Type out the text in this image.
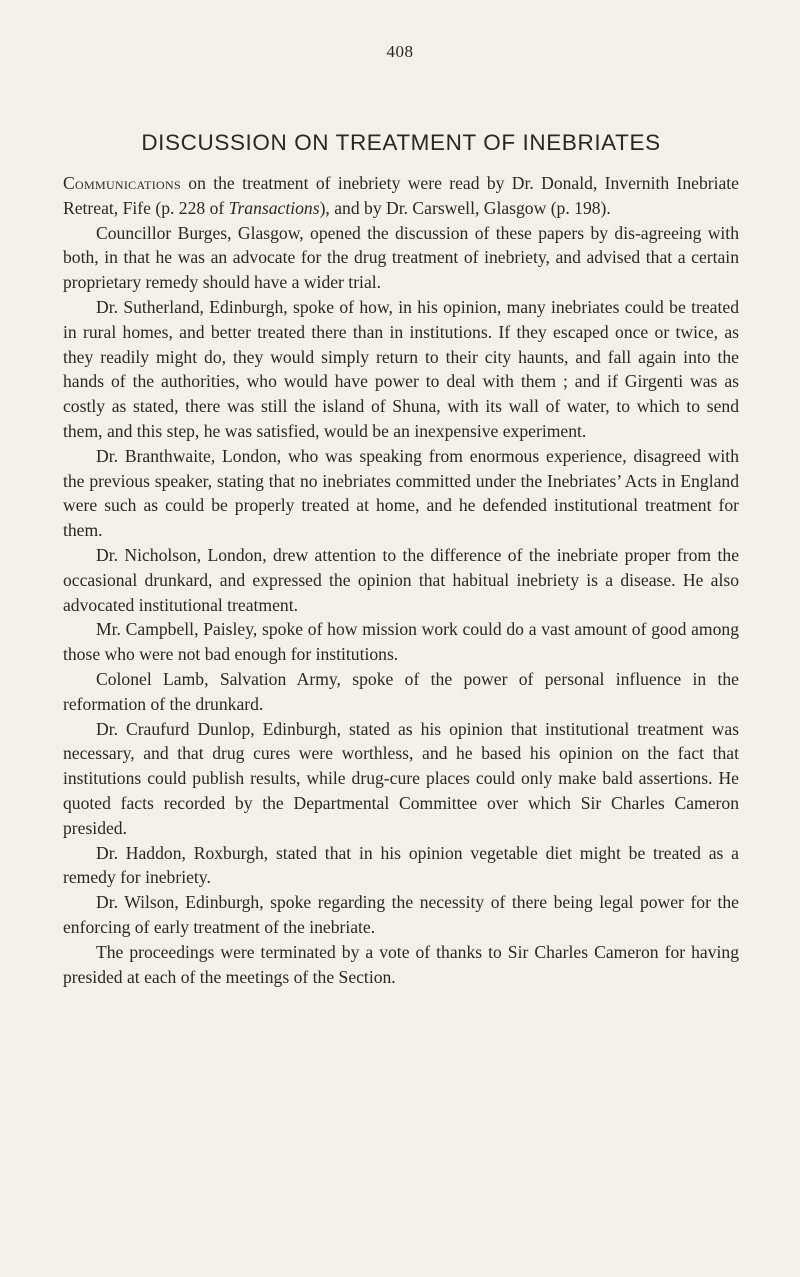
408
DISCUSSION ON TREATMENT OF INEBRIATES

Communications on the treatment of inebriety were read by Dr. Donald, Invernith Inebriate Retreat, Fife (p. 228 of Transactions), and by Dr. Carswell, Glasgow (p. 198).

Councillor Burges, Glasgow, opened the discussion of these papers by dis-agreeing with both, in that he was an advocate for the drug treatment of inebriety, and advised that a certain proprietary remedy should have a wider trial.

Dr. Sutherland, Edinburgh, spoke of how, in his opinion, many inebriates could be treated in rural homes, and better treated there than in institutions. If they escaped once or twice, as they readily might do, they would simply return to their city haunts, and fall again into the hands of the authorities, who would have power to deal with them ; and if Girgenti was as costly as stated, there was still the island of Shuna, with its wall of water, to which to send them, and this step, he was satisfied, would be an inexpensive experiment.

Dr. Branthwaite, London, who was speaking from enormous experience, disagreed with the previous speaker, stating that no inebriates committed under the Inebriates’ Acts in England were such as could be properly treated at home, and he defended institutional treatment for them.

Dr. Nicholson, London, drew attention to the difference of the inebriate proper from the occasional drunkard, and expressed the opinion that habitual inebriety is a disease. He also advocated institutional treatment.

Mr. Campbell, Paisley, spoke of how mission work could do a vast amount of good among those who were not bad enough for institutions.

Colonel Lamb, Salvation Army, spoke of the power of personal influence in the reformation of the drunkard.

Dr. Craufurd Dunlop, Edinburgh, stated as his opinion that institutional treatment was necessary, and that drug cures were worthless, and he based his opinion on the fact that institutions could publish results, while drug-cure places could only make bald assertions. He quoted facts recorded by the Departmental Committee over which Sir Charles Cameron presided.

Dr. Haddon, Roxburgh, stated that in his opinion vegetable diet might be treated as a remedy for inebriety.

Dr. Wilson, Edinburgh, spoke regarding the necessity of there being legal power for the enforcing of early treatment of the inebriate.

The proceedings were terminated by a vote of thanks to Sir Charles Cameron for having presided at each of the meetings of the Section.
